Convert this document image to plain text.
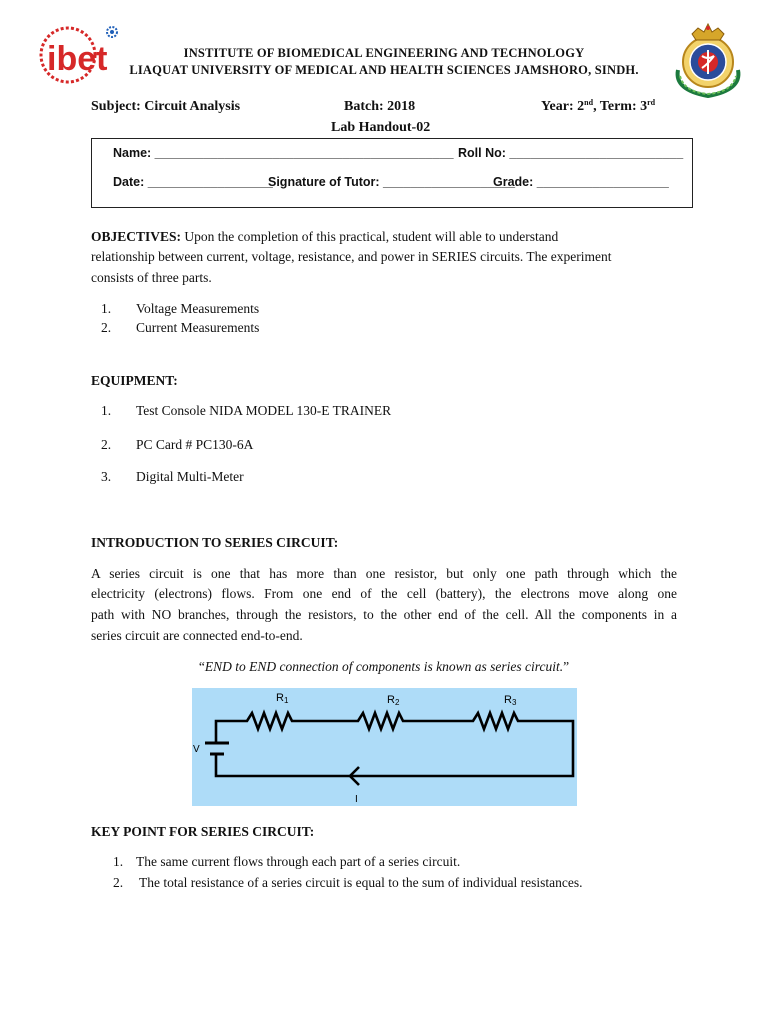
ibet	INSTITUTE OF BIOMEDICAL ENGINEERING AND TECHNOLOGY
LIAQUAT UNIVERSITY OF MEDICAL AND HEALTH SCIENCES JAMSHORO, SINDH.
Subject: Circuit Analysis	Batch: 2018	Year: 2nd, Term: 3rd
Lab Handout-02
Name: ___________________________________________ Roll No: _________________________
Date: __________________
Signature of Tutor: ___________________
Grade: ___________________
OBJECTIVES: Upon the completion of this practical, student will able to understand
relationship between current, voltage, resistance, and power in SERIES circuits. The experiment
consists of three parts.
1. Voltage Measurements
2. Current Measurements
EQUIPMENT:
1. Test Console NIDA MODEL 130-E TRAINER
2. PC Card # PC130-6A
3. Digital Multi-Meter
INTRODUCTION TO SERIES CIRCUIT:
A series circuit is one that has more than one resistor, but only one path through which the
electricity (electrons) flows. From one end of the cell (battery), the electrons move along one
path with NO branches, through the resistors, to the other end of the cell. All the components in a
series circuit are connected end-to-end.
“END to END connection of components is known as series circuit.”
R1	R2	R3
V
I
KEY POINT FOR SERIES CIRCUIT:
1. The same current flows through each part of a series circuit.
2. The total resistance of a series circuit is equal to the sum of individual resistances.
